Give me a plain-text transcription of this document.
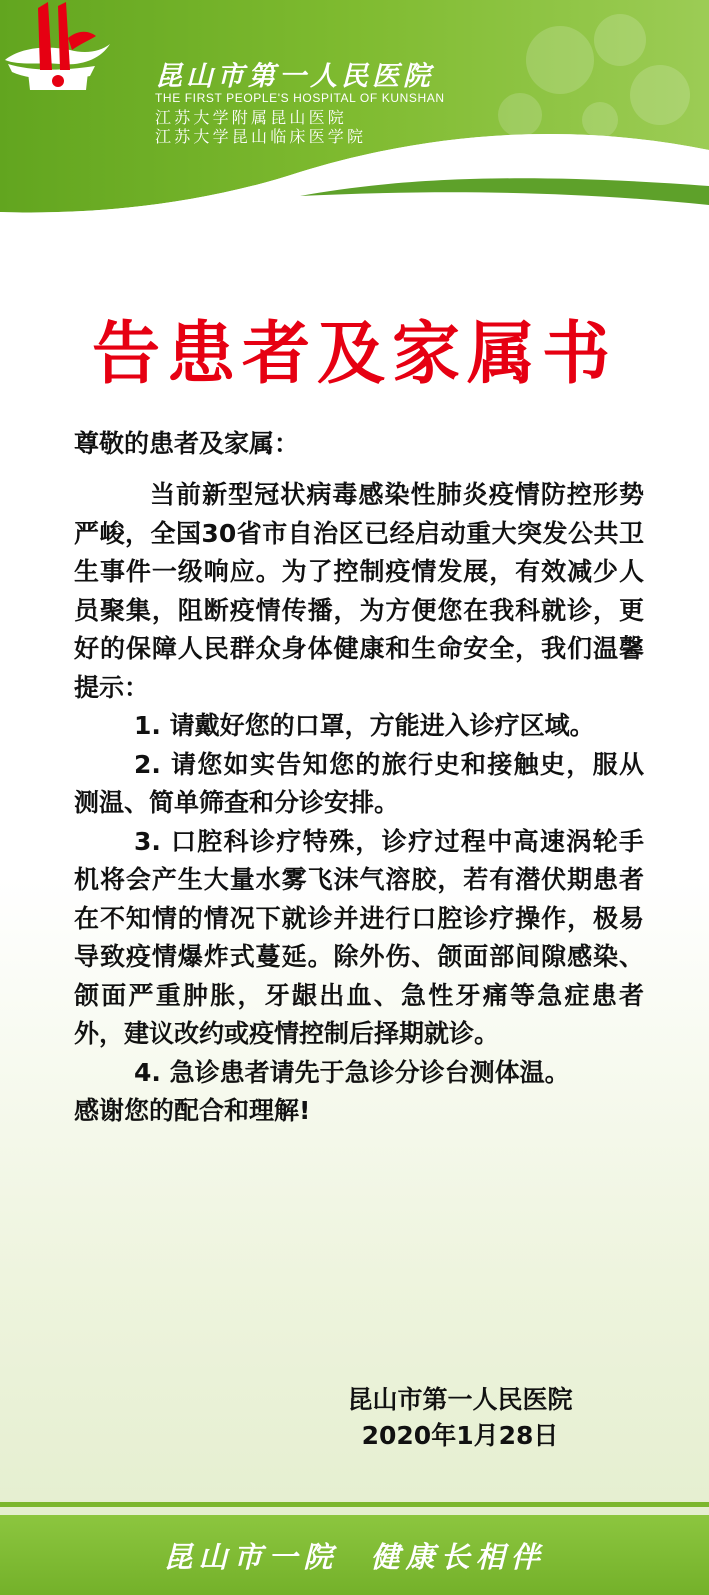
昆山市第一人民医院
THE FIRST PEOPLE'S HOSPITAL OF KUNSHAN
江苏大学附属昆山医院
江苏大学昆山临床医学院
告患者及家属书
尊敬的患者及家属：

当前新型冠状病毒感染性肺炎疫情防控形势严峻，全国30省市自治区已经启动重大突发公共卫生事件一级响应。为了控制疫情发展，有效减少人员聚集，阻断疫情传播，为方便您在我科就诊，更好的保障人民群众身体健康和生命安全，我们温馨提示：

1. 请戴好您的口罩，方能进入诊疗区域。

2. 请您如实告知您的旅行史和接触史，服从测温、简单筛查和分诊安排。

3. 口腔科诊疗特殊，诊疗过程中高速涡轮手机将会产生大量水雾飞沫气溶胶，若有潜伏期患者在不知情的情况下就诊并进行口腔诊疗操作，极易导致疫情爆炸式蔓延。除外伤、颌面部间隙感染、颌面严重肿胀，牙龈出血、急性牙痛等急症患者外，建议改约或疫情控制后择期就诊。

4. 急诊患者请先于急诊分诊台测体温。

感谢您的配合和理解!
昆山市第一人民医院
2020年1月28日
昆山市一院  健康长相伴
